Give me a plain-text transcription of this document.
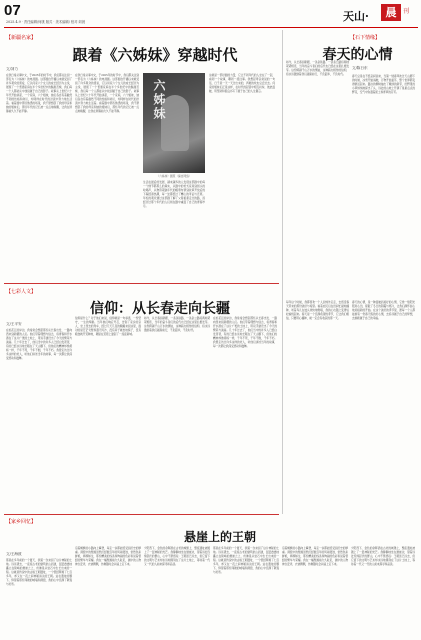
07
2025.4.9 · 责任编辑/何康 版式 · 美术编辑/ 校对:刘晨	天山·	晨	刊
【新疆名家】
跟着《六姊妹》穿越时代
文/刘力
在我日常从事中文，于2025年的时节中，我们都关注到一部名为《六姊妹》的电视剧。这部剧自开播以来就受到了许多观众的喜爱，它以何家六个女儿的成长经历为主线，展现了一个普通家庭在半个多世纪中的酸甜苦辣，我们每一个人都能从中找到属于自己的影子。故事从上世纪六十年代开始讲起，一个家庭，六个姐妹，她们各自有着截然不同的性格和命运，却同样在时代的洪流中努力地生活着。看着剧中那些熟悉的场景，我不禁想起了我的母亲和她的姐妹们，那些年代的记忆被一点点地唤醒，让我在屏幕前久久不能平静。
在我日常从事中文，于2025年的时节中，我们都关注到一部名为《六姊妹》的电视剧。这部剧自开播以来就受到了许多观众的喜爱，它以何家六个女儿的成长经历为主线，展现了一个普通家庭在半个多世纪中的酸甜苦辣，我们每一个人都能从中找到属于自己的影子。故事从上世纪六十年代开始讲起，一个家庭，六个姐妹，她们各自有着截然不同的性格和命运，却同样在时代的洪流中努力地生活着。看着剧中那些熟悉的场景，我不禁想起了我的母亲和她的姐妹们，那些年代的记忆被一点点地唤醒，让我在屏幕前久久不能平静。
六姊妹
《六姊妹》剧照（摘自网络）
生活在最后的发展，越来越多的人发现这部剧中的每一个细节都那么的真实，从剧中的老式家具到街头的吆喝声，从物资紧缺年代的粮票布票到改革开放后的下海经商热潮，每一处都经过了精心的考证与还原。年轻的观众通过这部剧了解了父辈祖辈走过的路，而经历过那个年代的人们则在剧中重温了自己的青春岁月。
这就是一部好剧的力量，它让不同年代的人坐在了一起，看同一个故事，聊同一段往事。我想起母亲常说的一句话，日子是一天一天过出来的，再难的坎也总会过去。何家的姐妹们正是这样，在时代的起落中相互扶持，彼此温暖，用坚韧和善良书写了属于自己的人生篇章。
【七彩人文】
信仰：从长春走向长疆
文/王平安
在松花江的岸边，我常常会想起那些从长春出发、一路向西来到新疆的人们。他们带着理想与信念，将青春和汗水洒在了这片广袤的土地上，用双手建设出了今天的繁荣与美丽。几十年过去了，他们当中的许多人已经白发苍苍，有的已经永远地长眠在了天山脚下，但他们的精神却像胡杨一样，千年不死，千年不倒，千年不朽。我曾走访过许多这样的老人，听他们讲述当年的故事，每一次都让我深受感动和鼓舞。
信仰是什么？对于他们来说，信仰就是一句承诺，一份坚守，一生的奉献。当年他们响应号召，告别了家乡的亲人，坐上西去的列车，经过几天几夜的颠簸来到这里，面对的是茫茫戈壁和漫天风沙，没有房子就挖地窝子，没有粮食就开荒种地，硬是在荒原上建起了一座座新城。
如今，从长春到新疆，一条条铁路、一条条公路将两地紧紧相连，当年的奋斗者们的后代也已经在这里扎根发芽。这份跨越千山万水的情谊，这种薪火相传的信仰，将永远激励着我们砥砺前行，不负韶华，不负时代。
在松花江的岸边，我常常会想起那些从长春出发、一路向西来到新疆的人们。他们带着理想与信念，将青春和汗水洒在了这片广袤的土地上，用双手建设出了今天的繁荣与美丽。几十年过去了，他们当中的许多人已经白发苍苍，有的已经永远地长眠在了天山脚下，但他们的精神却像胡杨一样，千年不死，千年不倒，千年不朽。我曾走访过许多这样的老人，听他们讲述当年的故事，每一次都让我深受感动和鼓舞。
【家乡回忆】
悬崖上的王朝
文/王海波
那是在多年前的一个夏天，我第一次来到了这片神秘的土地。远远望去，一座座古老的建筑依山而建，层层叠叠地矗立在陡峭的悬崖之上，仿佛是从岩石中生长出来的一般。这就是传说中的古格王朝遗址，一个曾经辉煌了七百多年，却又在一夜之间神秘消失的王朝。站在遗址的脚下，仰望着那些残破的城墙和洞窟，我的心中充满了敬畏与好奇。
沿着蜿蜒的小路向上攀登，每走一步都能感受到历史的厚重。洞窟中的壁画虽然历经数百年的风雨侵蚀，依然色彩鲜艳，栩栩如生，那些精美的线条和绚丽的色彩诉说着曾经的繁华与荣耀。我在一幅壁画前久久驻足，画中的人物神态安详，衣袂飘飘，仿佛随时会从墙上走下来。
夕阳西下，金色的余晖洒在古老的城堡上，整座遗址被镀上了一层神秘的光芒。我静静地坐在悬崖边，望着远处连绵起伏的群山，心中不禁感叹：王朝虽已远去，但它留下的文明与艺术却永远地镌刻在了这片土地上，等待着一代又一代的人前来探寻和品读。
那是在多年前的一个夏天，我第一次来到了这片神秘的土地。远远望去，一座座古老的建筑依山而建，层层叠叠地矗立在陡峭的悬崖之上，仿佛是从岩石中生长出来的一般。这就是传说中的古格王朝遗址，一个曾经辉煌了七百多年，却又在一夜之间神秘消失的王朝。站在遗址的脚下，仰望着那些残破的城墙和洞窟，我的心中充满了敬畏与好奇。
沿着蜿蜒的小路向上攀登，每走一步都能感受到历史的厚重。洞窟中的壁画虽然历经数百年的风雨侵蚀，依然色彩鲜艳，栩栩如生，那些精美的线条和绚丽的色彩诉说着曾经的繁华与荣耀。我在一幅壁画前久久驻足，画中的人物神态安详，衣袂飘飘，仿佛随时会从墙上走下来。
夕阳西下，金色的余晖洒在古老的城堡上，整座遗址被镀上了一层神秘的光芒。我静静地坐在悬崖边，望着远处连绵起伏的群山，心中不禁感叹：王朝虽已远去，但它留下的文明与艺术却永远地镌刻在了这片土地上，等待着一代又一代的人前来探寻和品读。
【石下情缘】
春天的心情
文/陈日东
如今，从长春到新疆，一条条铁路、一条条公路将两地紧紧相连，当年的奋斗者们的后代也已经在这里扎根发芽。这份跨越千山万水的情谊，这种薪火相传的信仰，将永远激励着我们砥砺前行，不负韶华，不负时代。
春天总是在不经意间到来，当第一缕春风吹过天山脚下的时候，冰雪开始消融，万物开始复苏，整个世界都变得鲜活起来。路边的柳树抽出了嫩绿的新芽，田野里的小草悄悄地探出了头，远处的山坡上开满了星星点点的野花，空气中弥漫着泥土和青草的芬芳。
每年这个时候，我都喜欢一个人到郊外走走，去感受春天带来的那份美好与希望。看着农民们在田间忙碌地播种，听着鸟儿在枝头欢快地歌唱，我的心也随之变得轻松愉悦起来。春天是一个充满希望的季节，它让我们相信，只要用心播种，就一定会有收获的那一天。
春天的心情，是一种温暖而美好的心情，它像一缕阳光照进心田，驱散了冬日的阴霾与寒冷，让我们满怀信心地迎接新的开始。在这个美好的季节里，愿每一个人都能拥有一份春天般的好心情，去追寻属于自己的梦想，去拥抱属于自己的幸福。
